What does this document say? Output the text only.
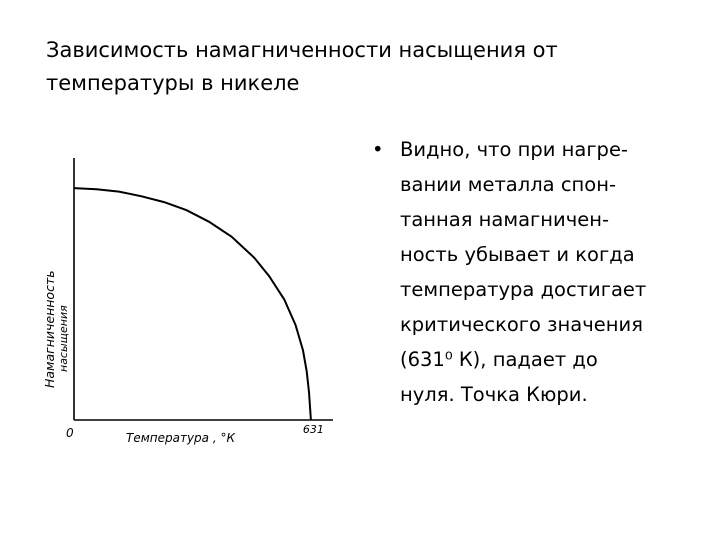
Зависимость намагниченности насыщения от
температуры в никеле
0	631
Температура , °К
Намагниченность насыщения
• Видно, что при нагре-
вании металла спон-
танная намагничен-
ность убывает и когда
температура достигает
критического значения
(631⁰ К), падает до
нуля. Точка Кюри.
